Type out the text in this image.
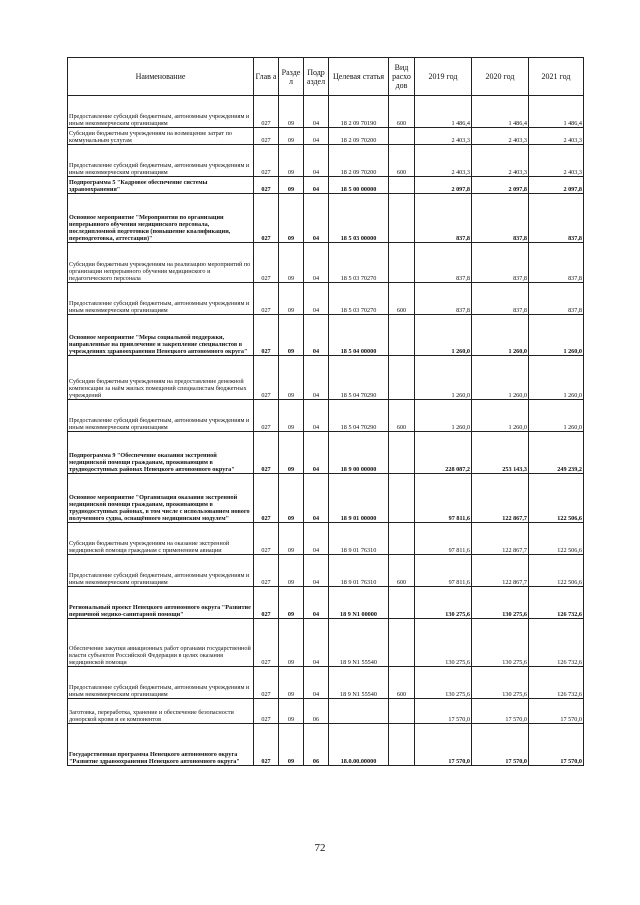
Наименование	Глав а	Разде л	Подр аздел	Целевая статья	Вид расхо дов	2019 год	2020 год	2021 год
Предоставление субсидий бюджетным, автономным учреждениям и иным некоммерческим организациям	027	09	04	18 2 09 70190	600	1 486,4	1 486,4	1 486,4
Субсидии бюджетным учреждениям на возмещение затрат по коммунальным услугам	027	09	04	18 2 09 70200		2 403,3	2 403,3	2 403,3
Предоставление субсидий бюджетным, автономным учреждениям и иным некоммерческим организациям	027	09	04	18 2 09 70200	600	2 403,3	2 403,3	2 403,3
Подпрограмма 5 "Кадровое обеспечение системы здравоохранения"	027	09	04	18 5 00 00000		2 097,8	2 097,8	2 097,8
Основное мероприятие "Мероприятия по организации непрерывного обучения медицинского персонала, последипломной подготовки (повышение квалификации, переподготовка, аттестация)"	027	09	04	18 5 03 00000		837,8	837,8	837,8
Субсидии бюджетным учреждениям на реализацию мероприятий по организации непрерывного обучения медицинского и педагогического персонала	027	09	04	18 5 03 70270		837,8	837,8	837,8
Предоставление субсидий бюджетным, автономным учреждениям и иным некоммерческим организациям	027	09	04	18 5 03 70270	600	837,8	837,8	837,8
Основное мероприятие "Меры социальной поддержки, направленные на привлечение и закрепление специалистов в учреждениях здравоохранения Ненецкого автономного округа"	027	09	04	18 5 04 00000		1 260,0	1 260,0	1 260,0
Субсидии бюджетным учреждениям на предоставление денежной компенсации за наём жилых помещений специалистам бюджетных учреждений	027	09	04	18 5 04 70290		1 260,0	1 260,0	1 260,0
Предоставление субсидий бюджетным, автономным учреждениям и иным некоммерческим организациям	027	09	04	18 5 04 70290	600	1 260,0	1 260,0	1 260,0
Подпрограмма 9 "Обеспечение оказания экстренной медицинской помощи гражданам, проживающим в труднодоступных районах Ненецкого автономного округа"	027	09	04	18 9 00 00000		228 087,2	253 143,3	249 239,2
Основное мероприятие "Организация оказания экстренной медицинской помощи гражданам, проживающим в труднодоступных районах, в том числе с использованием нового полученного судна, оснащённого медицинским модулем"	027	09	04	18 9 01 00000		97 811,6	122 867,7	122 506,6
Субсидии бюджетным учреждениям на оказание экстренной медицинской помощи гражданам с применением авиации	027	09	04	18 9 01 76310		97 811,6	122 867,7	122 506,6
Предоставление субсидий бюджетным, автономным учреждениям и иным некоммерческим организациям	027	09	04	18 9 01 76310	600	97 811,6	122 867,7	122 506,6
Региональный проект Ненецкого автономного округа "Развитие первичной медико-санитарной помощи"	027	09	04	18 9 N1 00000		130 275,6	130 275,6	126 732,6
Обеспечение закупки авиационных работ органами государственной власти субъектов Российской Федерации в целях оказания медицинской помощи	027	09	04	18 9 N1 55540		130 275,6	130 275,6	126 732,6
Предоставление субсидий бюджетным, автономным учреждениям и иным некоммерческим организациям	027	09	04	18 9 N1 55540	600	130 275,6	130 275,6	126 732,6
Заготовка, переработка, хранение и обеспечение безопасности донорской крови и ее компонентов	027	09	06			17 570,0	17 570,0	17 570,0
Государственная программа Ненецкого автономного округа "Развитие здравоохранения Ненецкого автономного округа"	027	09	06	18.0.00.00000		17 570,0	17 570,0	17 570,0
72
